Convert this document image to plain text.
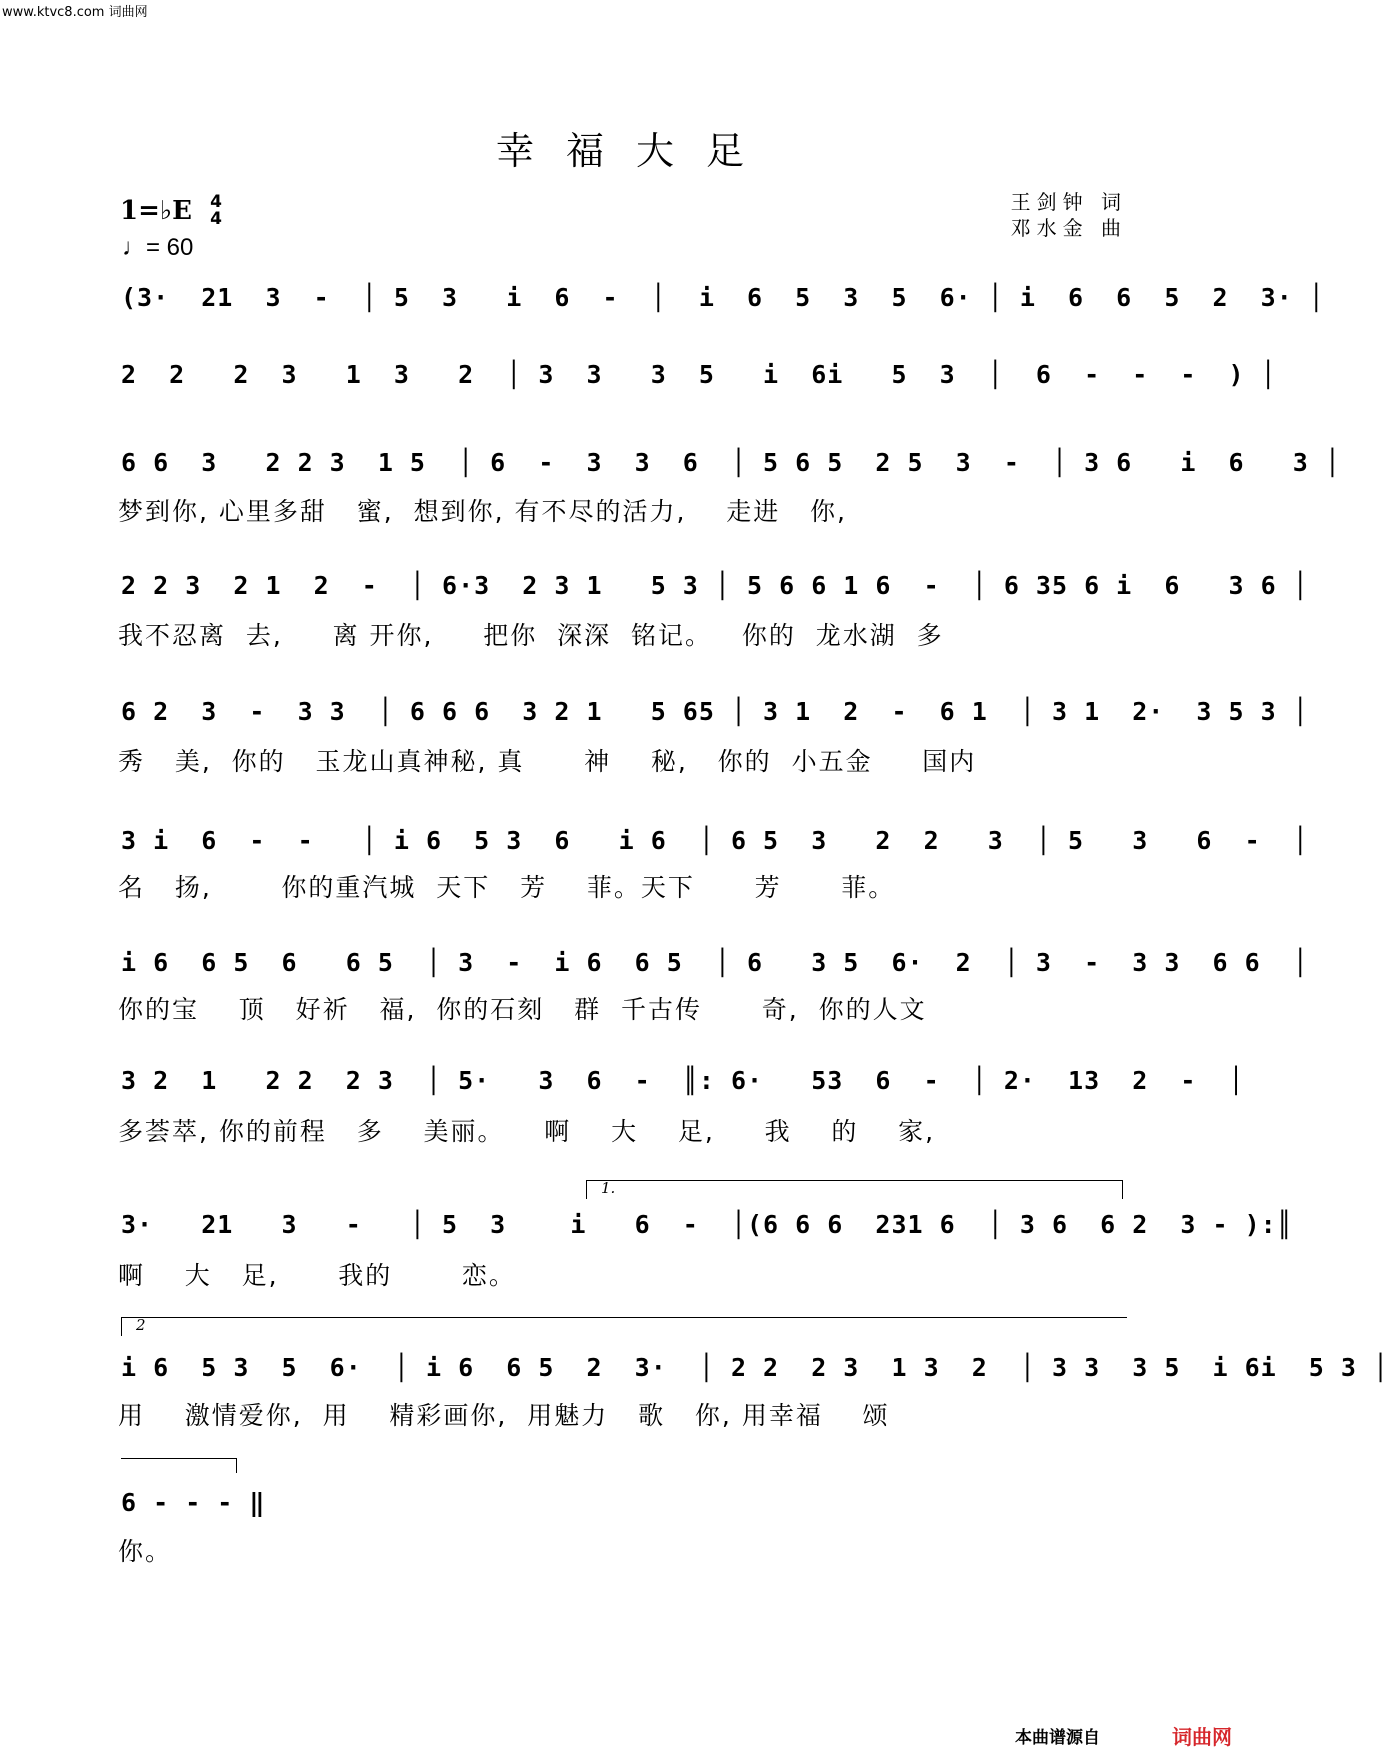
www.ktvc8.com 词曲网
幸福大足
1=♭E 4
4
♩= 60
王剑钟 词
邓水金 曲
(3·  21  3  -  │ 5  3   i  6  -  │  i  6  5  3  5  6· │ i  6  6  5  2  3· │
2  2   2  3   1  3   2  │ 3  3   3  5   i  6i   5  3  │  6  -  -  -  ) │
6 6  3   2 2 3  1 5  │ 6  -  3  3  6  │ 5 6 5  2 5  3  -  │ 3 6   i  6   3 │
梦到你, 心里多甜   蜜,  想到你, 有不尽的活力,    走进   你,
2 2 3  2 1  2  -  │ 6·3  2 3 1   5 3 │ 5 6 6 1 6  -  │ 6 35 6 i  6   3 6 │
我不忍离  去,     离 开你,     把你  深深  铭记。   你的  龙水湖  多
6 2  3  -  3 3  │ 6 6 6  3 2 1   5 65 │ 3 1  2  -  6 1  │ 3 1  2·  3 5 3 │
秀   美,  你的   玉龙山真神秘, 真      神    秘,   你的  小五金     国内
3 i  6  -  -   │ i 6  5 3  6   i 6  │ 6 5  3   2  2   3  │ 5   3   6  -  │
名   扬,       你的重汽城  天下   芳    菲。天下      芳      菲。
i 6  6 5  6   6 5  │ 3  -  i 6  6 5  │ 6   3 5  6·  2  │ 3  -  3 3  6 6  │
你的宝    顶   好祈   福,  你的石刻   群  千古传      奇,  你的人文
3 2  1   2 2  2 3  │ 5·   3  6  -  ║: 6·   53  6  -  │ 2·  13  2  -  │
多荟萃, 你的前程   多    美丽。    啊    大    足,     我    的    家,
1.
3·   21   3   -   │ 5  3    i   6  -  │(6 6 6  231 6  │ 3 6  6 2  3 - ):║
啊    大   足,      我的       恋。
2
i 6  5 3  5  6·  │ i 6  6 5  2  3·  │ 2 2  2 3  1 3  2  │ 3 3  3 5  i 6i  5 3 │
用    激情爱你,  用    精彩画你,  用魅力   歌   你, 用幸福    颂
6 - - - ‖
你。
本曲谱源自	词曲网
